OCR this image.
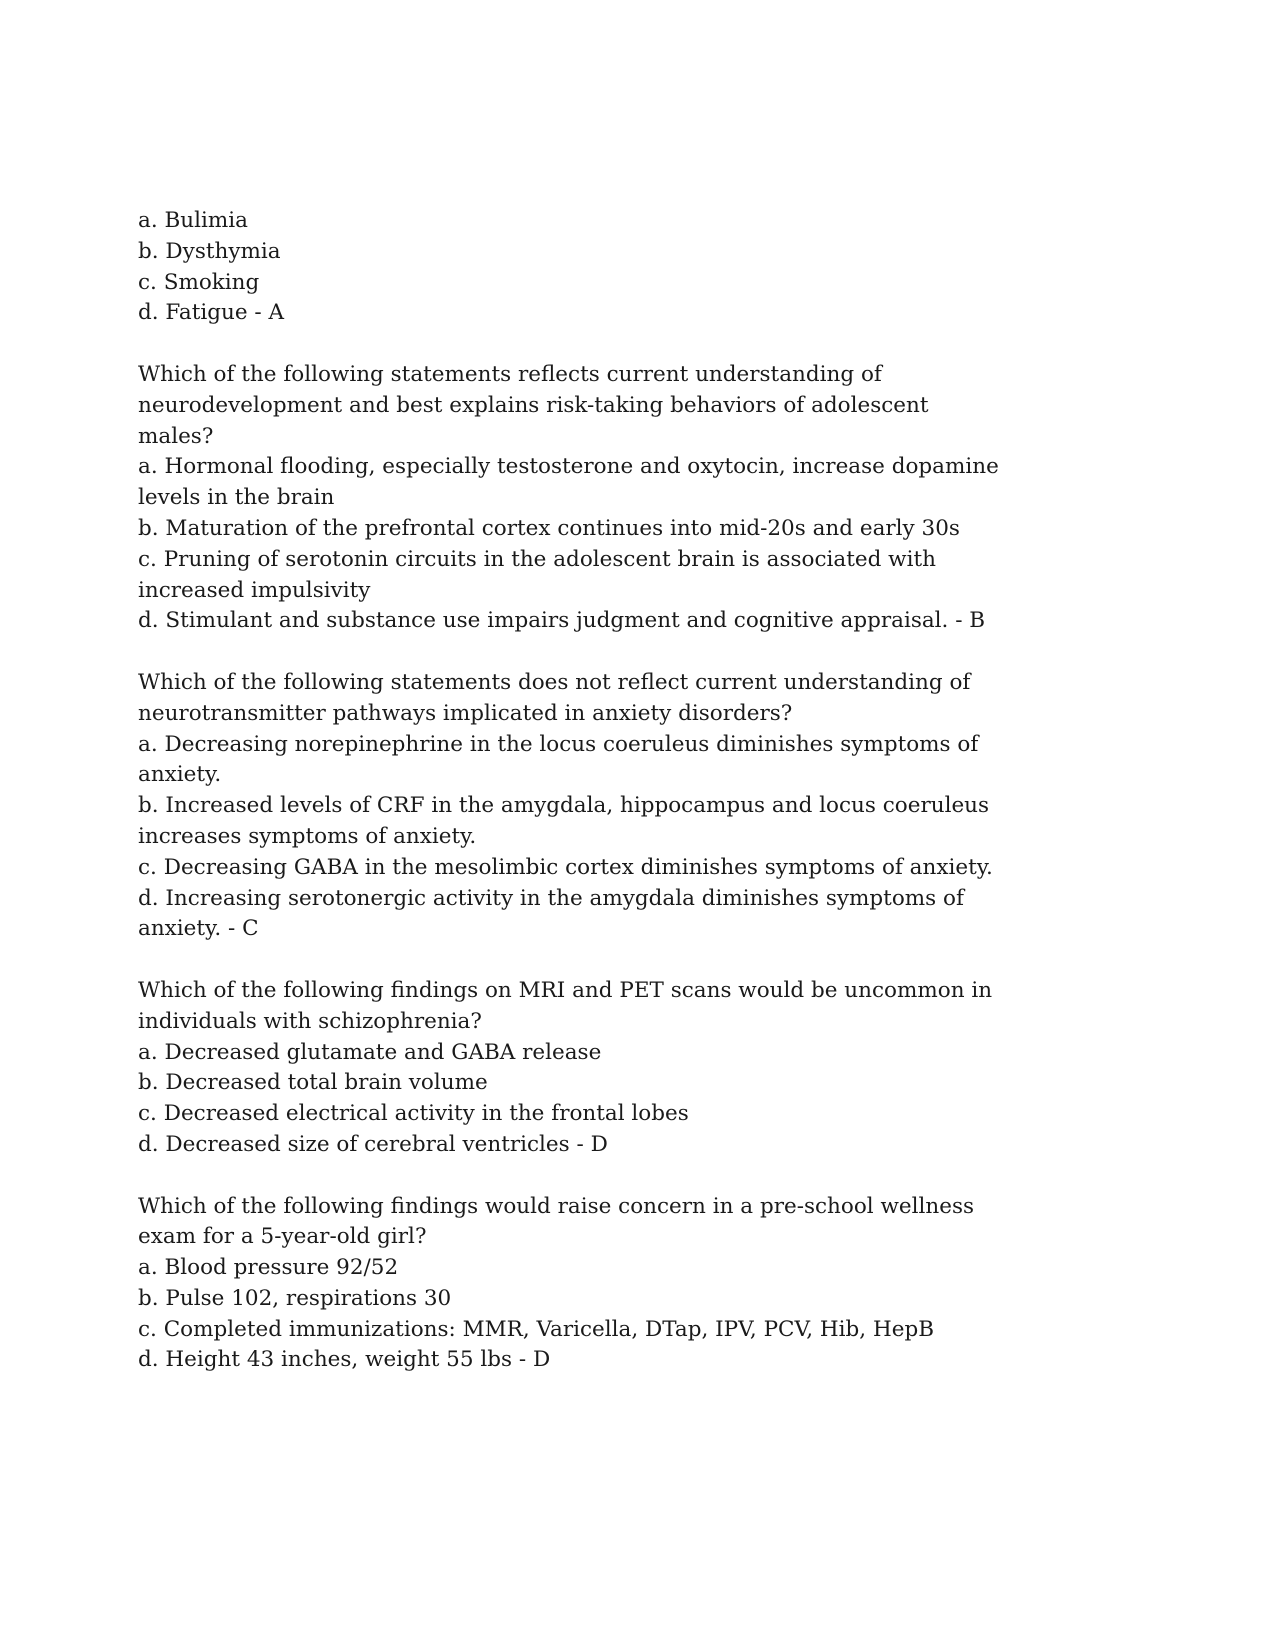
a. Bulimia
b. Dysthymia
c. Smoking
d. Fatigue - A
Which of the following statements reflects current understanding of
neurodevelopment and best explains risk-taking behaviors of adolescent
males?
a. Hormonal flooding, especially testosterone and oxytocin, increase dopamine
levels in the brain
b. Maturation of the prefrontal cortex continues into mid-20s and early 30s
c. Pruning of serotonin circuits in the adolescent brain is associated with
increased impulsivity
d. Stimulant and substance use impairs judgment and cognitive appraisal. - B
Which of the following statements does not reflect current understanding of
neurotransmitter pathways implicated in anxiety disorders?
a. Decreasing norepinephrine in the locus coeruleus diminishes symptoms of
anxiety.
b. Increased levels of CRF in the amygdala, hippocampus and locus coeruleus
increases symptoms of anxiety.
c. Decreasing GABA in the mesolimbic cortex diminishes symptoms of anxiety.
d. Increasing serotonergic activity in the amygdala diminishes symptoms of
anxiety. - C
Which of the following findings on MRI and PET scans would be uncommon in
individuals with schizophrenia?
a. Decreased glutamate and GABA release
b. Decreased total brain volume
c. Decreased electrical activity in the frontal lobes
d. Decreased size of cerebral ventricles - D
Which of the following findings would raise concern in a pre-school wellness
exam for a 5-year-old girl?
a. Blood pressure 92/52
b. Pulse 102, respirations 30
c. Completed immunizations: MMR, Varicella, DTap, IPV, PCV, Hib, HepB
d. Height 43 inches, weight 55 lbs - D
